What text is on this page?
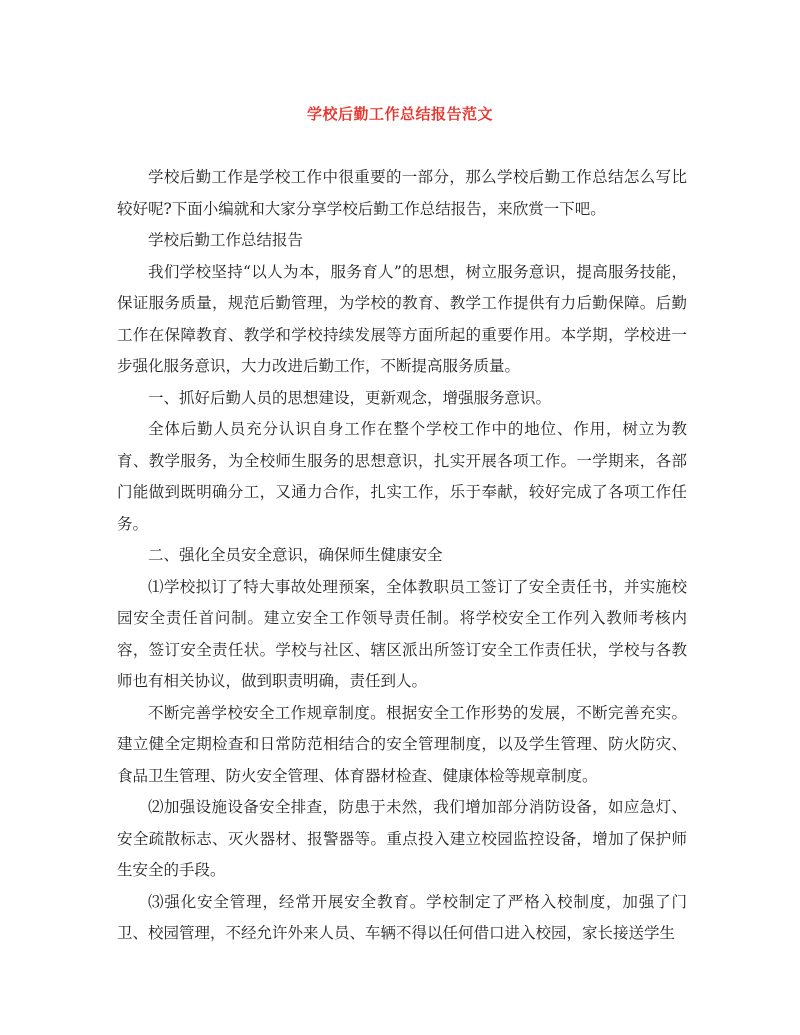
学校后勤工作总结报告范文

学校后勤工作是学校工作中很重要的一部分，那么学校后勤工作总结怎么写比较好呢?下面小编就和大家分享学校后勤工作总结报告，来欣赏一下吧。

学校后勤工作总结报告

我们学校坚持“以人为本，服务育人”的思想，树立服务意识，提高服务技能，保证服务质量，规范后勤管理，为学校的教育、教学工作提供有力后勤保障。后勤工作在保障教育、教学和学校持续发展等方面所起的重要作用。本学期，学校进一步强化服务意识，大力改进后勤工作，不断提高服务质量。

一、抓好后勤人员的思想建设，更新观念，增强服务意识。

全体后勤人员充分认识自身工作在整个学校工作中的地位、作用，树立为教育、教学服务，为全校师生服务的思想意识，扎实开展各项工作。一学期来，各部门能做到既明确分工，又通力合作，扎实工作，乐于奉献，较好完成了各项工作任务。

二、强化全员安全意识，确保师生健康安全

⑴学校拟订了特大事故处理预案，全体教职员工签订了安全责任书，并实施校园安全责任首问制。建立安全工作领导责任制。将学校安全工作列入教师考核内容，签订安全责任状。学校与社区、辖区派出所签订安全工作责任状，学校与各教师也有相关协议，做到职责明确，责任到人。

不断完善学校安全工作规章制度。根据安全工作形势的发展，不断完善充实。建立健全定期检查和日常防范相结合的安全管理制度，以及学生管理、防火防灾、食品卫生管理、防火安全管理、体育器材检查、健康体检等规章制度。

⑵加强设施设备安全排查，防患于未然，我们增加部分消防设备，如应急灯、安全疏散标志、灭火器材、报警器等。重点投入建立校园监控设备，增加了保护师生安全的手段。

⑶强化安全管理，经常开展安全教育。学校制定了严格入校制度，加强了门卫、校园管理，不经允许外来人员、车辆不得以任何借口进入校园，家长接送学生
